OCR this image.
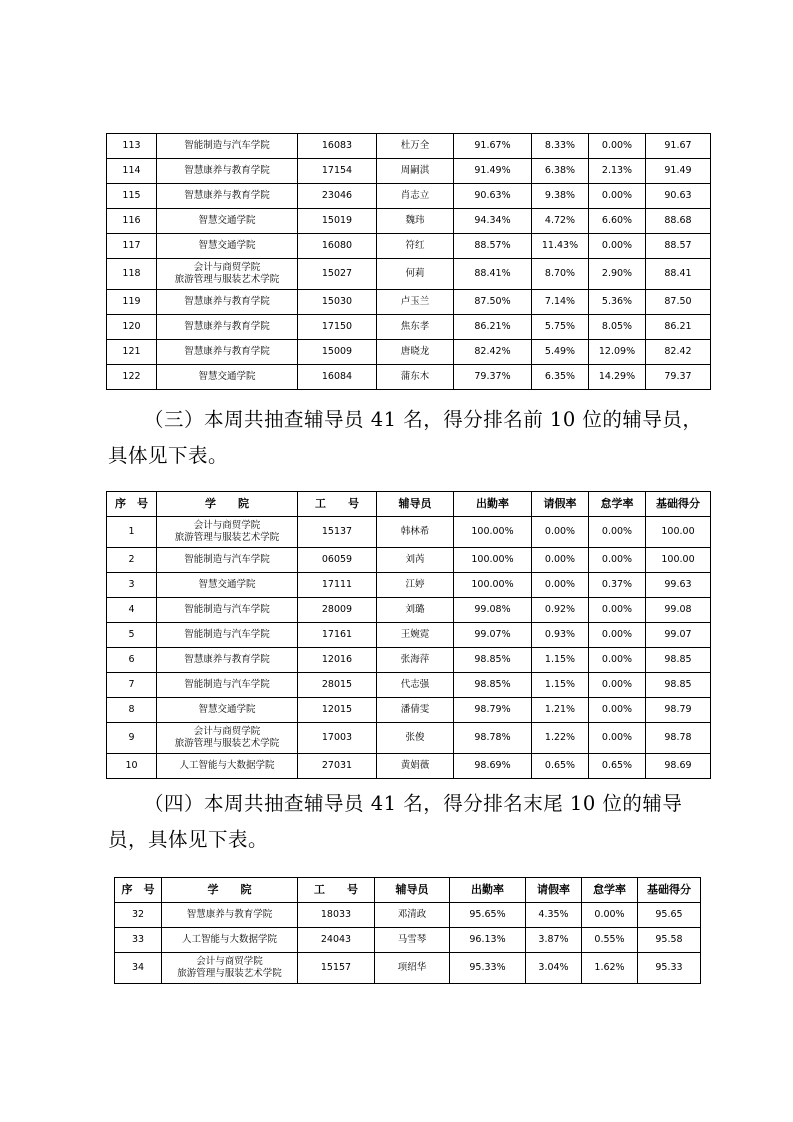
113	智能制造与汽车学院	16083	杜万全	91.67%	8.33%	0.00%	91.67
114	智慧康养与教育学院	17154	周嗣淇	91.49%	6.38%	2.13%	91.49
115	智慧康养与教育学院	23046	肖志立	90.63%	9.38%	0.00%	90.63
116	智慧交通学院	15019	魏玮	94.34%	4.72%	6.60%	88.68
117	智慧交通学院	16080	符红	88.57%	11.43%	0.00%	88.57
118	会计与商贸学院
旅游管理与服装艺术学院	15027	何莉	88.41%	8.70%	2.90%	88.41
119	智慧康养与教育学院	15030	卢玉兰	87.50%	7.14%	5.36%	87.50
120	智慧康养与教育学院	17150	焦东孝	86.21%	5.75%	8.05%	86.21
121	智慧康养与教育学院	15009	唐晓龙	82.42%	5.49%	12.09%	82.42
122	智慧交通学院	16084	蒲东木	79.37%	6.35%	14.29%	79.37
（三）本周共抽查辅导员 41 名，得分排名前 10 位的辅导员，
具体见下表。
序　号	学　　院	工　　号	辅导员	出勤率	请假率	怠学率	基础得分
1	会计与商贸学院
旅游管理与服装艺术学院	15137	韩林希	100.00%	0.00%	0.00%	100.00
2	智能制造与汽车学院	06059	刘芮	100.00%	0.00%	0.00%	100.00
3	智慧交通学院	17111	江婷	100.00%	0.00%	0.37%	99.63
4	智能制造与汽车学院	28009	刘璐	99.08%	0.92%	0.00%	99.08
5	智能制造与汽车学院	17161	王婉霓	99.07%	0.93%	0.00%	99.07
6	智慧康养与教育学院	12016	张海萍	98.85%	1.15%	0.00%	98.85
7	智能制造与汽车学院	28015	代志强	98.85%	1.15%	0.00%	98.85
8	智慧交通学院	12015	潘倩雯	98.79%	1.21%	0.00%	98.79
9	会计与商贸学院
旅游管理与服装艺术学院	17003	张俊	98.78%	1.22%	0.00%	98.78
10	人工智能与大数据学院	27031	黄娟薇	98.69%	0.65%	0.65%	98.69
（四）本周共抽查辅导员 41 名，得分排名末尾 10 位的辅导
员，具体见下表。
序　号	学　　院	工　　号	辅导员	出勤率	请假率	怠学率	基础得分
32	智慧康养与教育学院	18033	邓清政	95.65%	4.35%	0.00%	95.65
33	人工智能与大数据学院	24043	马雪琴	96.13%	3.87%	0.55%	95.58
34	会计与商贸学院
旅游管理与服装艺术学院	15157	项绍华	95.33%	3.04%	1.62%	95.33
